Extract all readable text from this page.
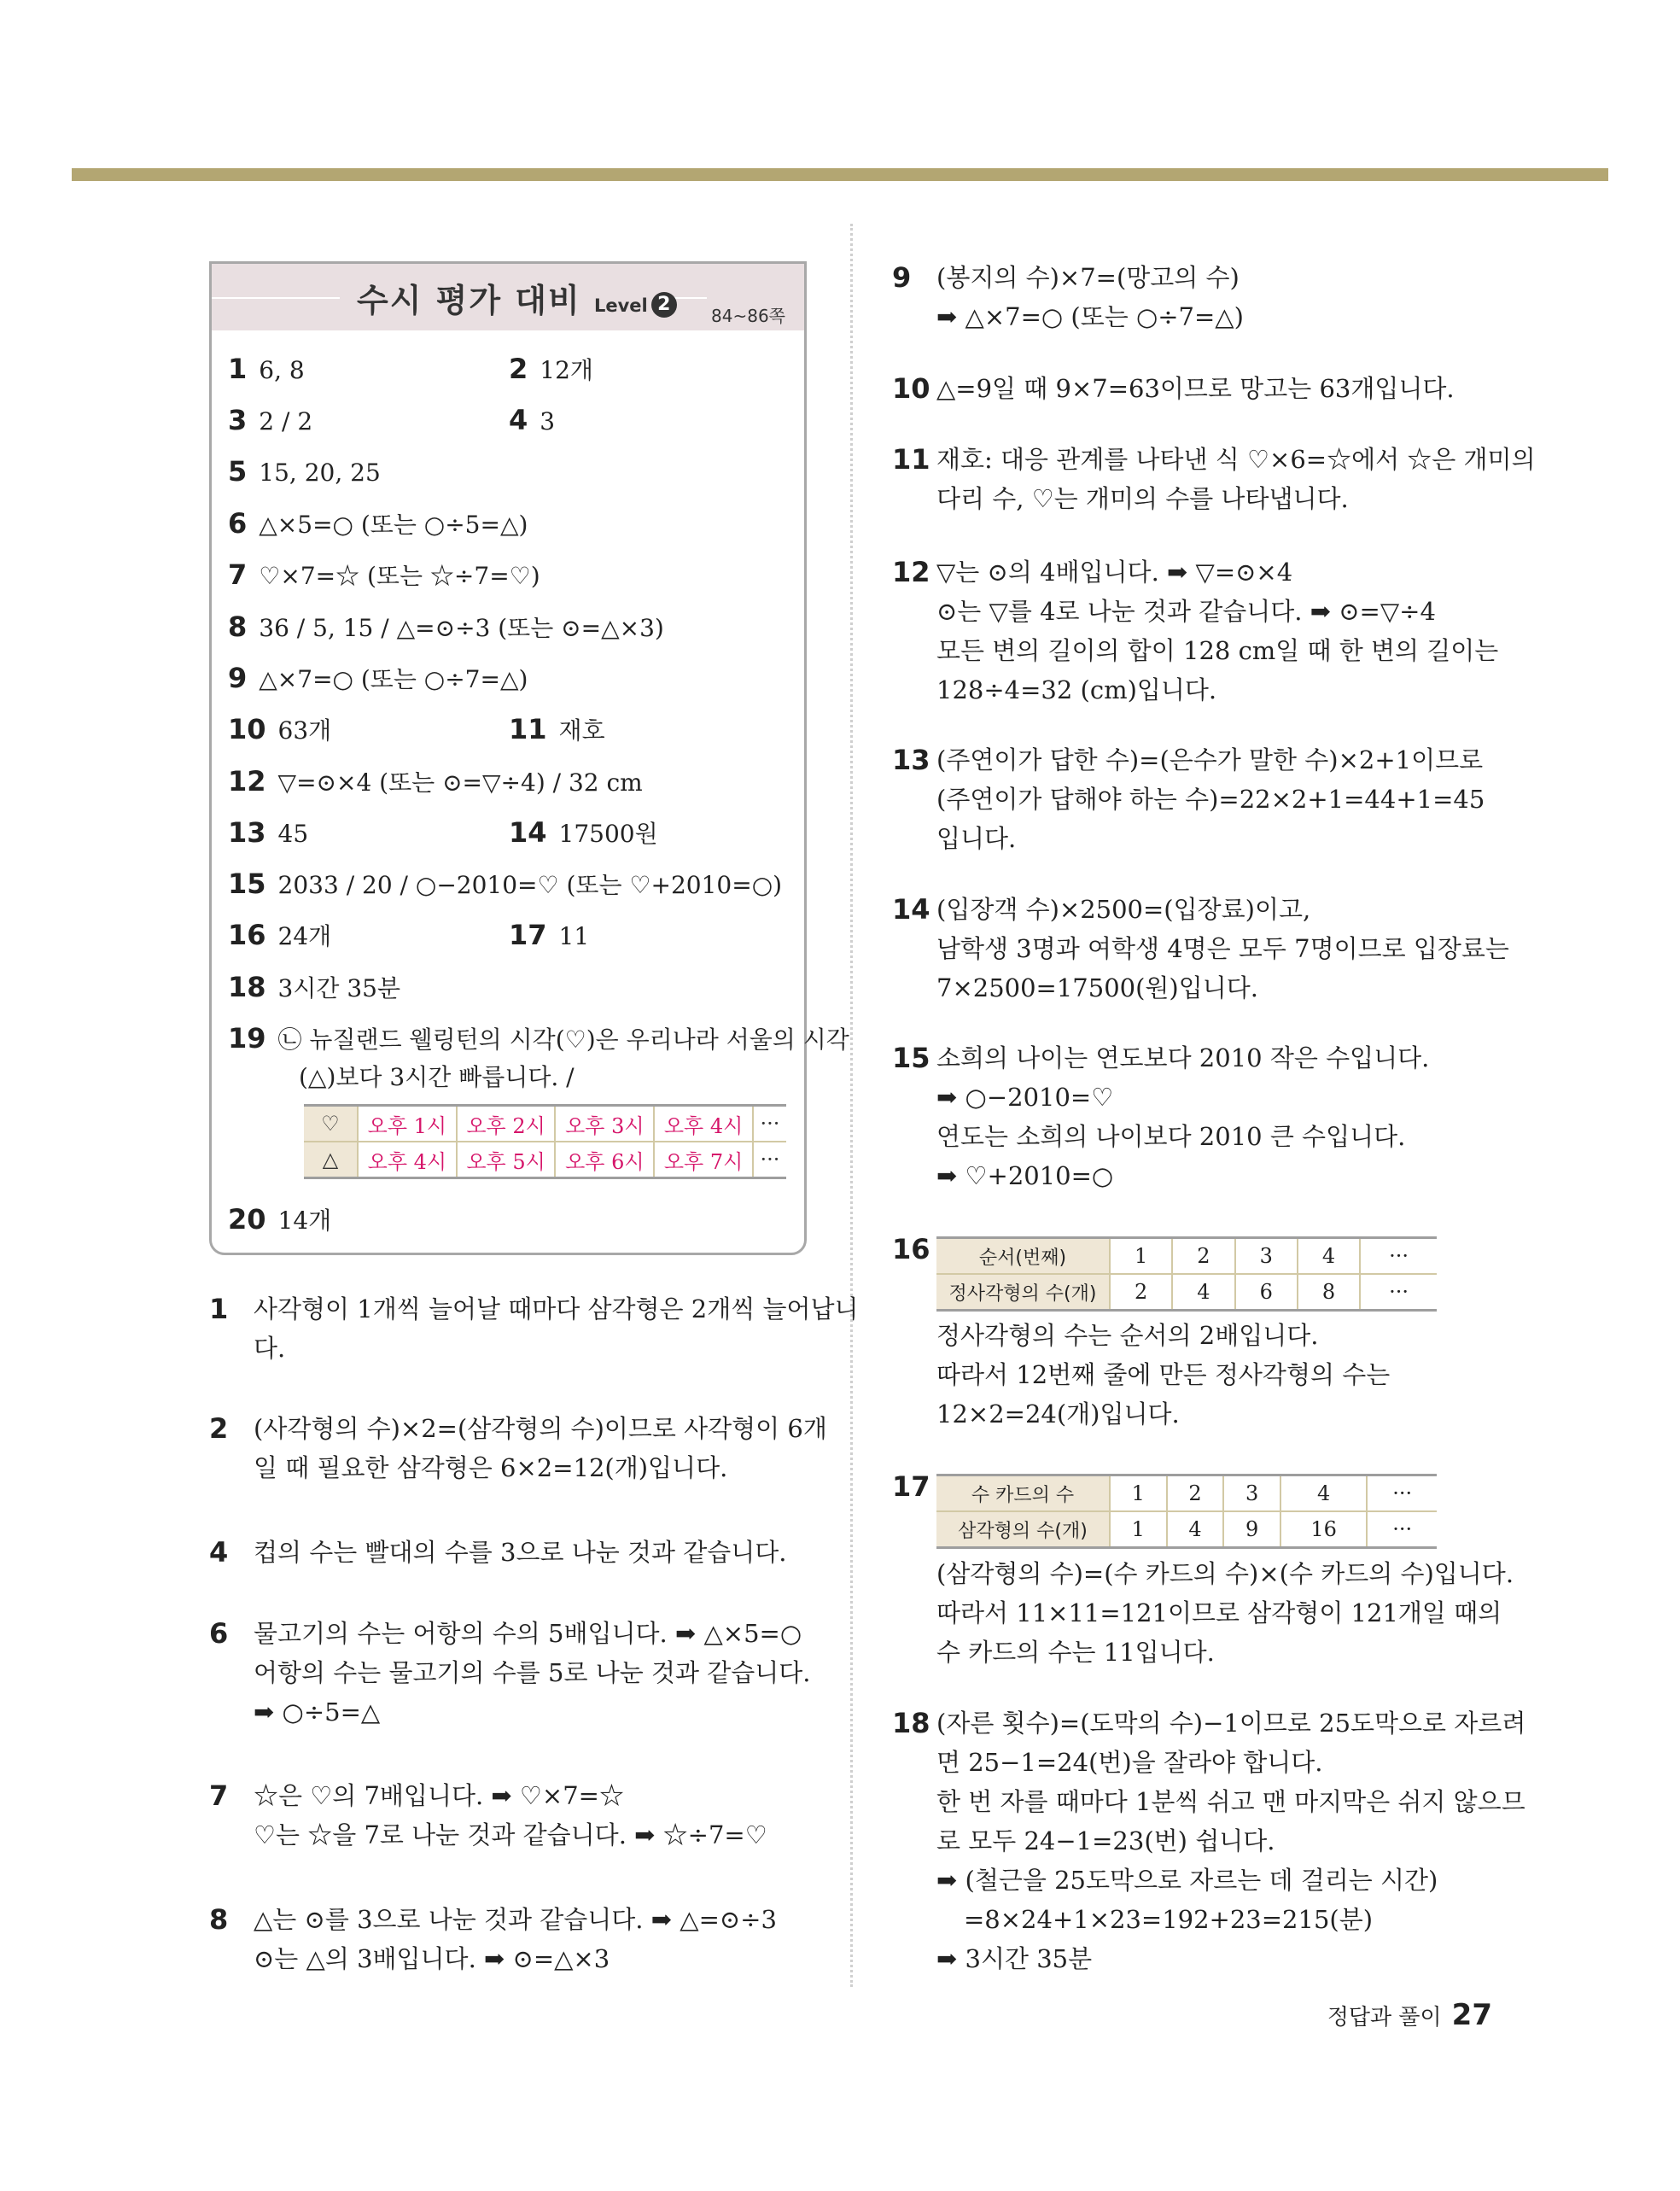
수시 평가 대비 Level 2
84~86쪽
1 6, 8	2 12개
3 2 / 2	4 3
5 15, 20, 25
6 △×5=○ (또는 ○÷5=△)
7 ♡×7=☆ (또는 ☆÷7=♡)
8 36 / 5, 15 / △=⊙÷3 (또는 ⊙=△×3)
9 △×7=○ (또는 ○÷7=△)
10 63개	11 재호
12 ▽=⊙×4 (또는 ⊙=▽÷4) / 32 cm
13 45	14 17500원
15 2033 / 20 / ○−2010=♡ (또는 ♡+2010=○)
16 24개	17 11
18 3시간 35분
19 ㉡ 뉴질랜드 웰링턴의 시각(♡)은 우리나라 서울의 시각
(△)보다 3시간 빠릅니다. /
♡	오후 1시	오후 2시	오후 3시	오후 4시	···
△	오후 4시	오후 5시	오후 6시	오후 7시	···
20 14개
1 사각형이 1개씩 늘어날 때마다 삼각형은 2개씩 늘어납니
다.
2 (사각형의 수)×2=(삼각형의 수)이므로 사각형이 6개
일 때 필요한 삼각형은 6×2=12(개)입니다.
4 컵의 수는 빨대의 수를 3으로 나눈 것과 같습니다.
6 물고기의 수는 어항의 수의 5배입니다. ➡ △×5=○
어항의 수는 물고기의 수를 5로 나눈 것과 같습니다.
➡ ○÷5=△
7 ☆은 ♡의 7배입니다. ➡ ♡×7=☆
♡는 ☆을 7로 나눈 것과 같습니다. ➡ ☆÷7=♡
8 △는 ⊙를 3으로 나눈 것과 같습니다. ➡ △=⊙÷3
⊙는 △의 3배입니다. ➡ ⊙=△×3
9 (봉지의 수)×7=(망고의 수)
➡ △×7=○ (또는 ○÷7=△)
10 △=9일 때 9×7=63이므로 망고는 63개입니다.
11 재호: 대응 관계를 나타낸 식 ♡×6=☆에서 ☆은 개미의
다리 수, ♡는 개미의 수를 나타냅니다.
12 ▽는 ⊙의 4배입니다. ➡ ▽=⊙×4
⊙는 ▽를 4로 나눈 것과 같습니다. ➡ ⊙=▽÷4
모든 변의 길이의 합이 128 cm일 때 한 변의 길이는
128÷4=32 (cm)입니다.
13 (주연이가 답한 수)=(은수가 말한 수)×2+1이므로
(주연이가 답해야 하는 수)=22×2+1=44+1=45
입니다.
14 (입장객 수)×2500=(입장료)이고,
남학생 3명과 여학생 4명은 모두 7명이므로 입장료는
7×2500=17500(원)입니다.
15 소희의 나이는 연도보다 2010 작은 수입니다.
➡ ○−2010=♡
연도는 소희의 나이보다 2010 큰 수입니다.
➡ ♡+2010=○
16	순서(번째)	1	2	3	4	···
정사각형의 수(개)	2	4	6	8	···
정사각형의 수는 순서의 2배입니다.
따라서 12번째 줄에 만든 정사각형의 수는
12×2=24(개)입니다.
17 수 카드의 수	1	2	3	4	···
삼각형의 수(개)	1	4	9	16	···
(삼각형의 수)=(수 카드의 수)×(수 카드의 수)입니다.
따라서 11×11=121이므로 삼각형이 121개일 때의
수 카드의 수는 11입니다.
18 (자른 횟수)=(도막의 수)−1이므로 25도막으로 자르려
면 25−1=24(번)을 잘라야 합니다.
한 번 자를 때마다 1분씩 쉬고 맨 마지막은 쉬지 않으므
로 모두 24−1=23(번) 쉽니다.
➡ (철근을 25도막으로 자르는 데 걸리는 시간)
=8×24+1×23=192+23=215(분)
➡ 3시간 35분
정답과 풀이 27
